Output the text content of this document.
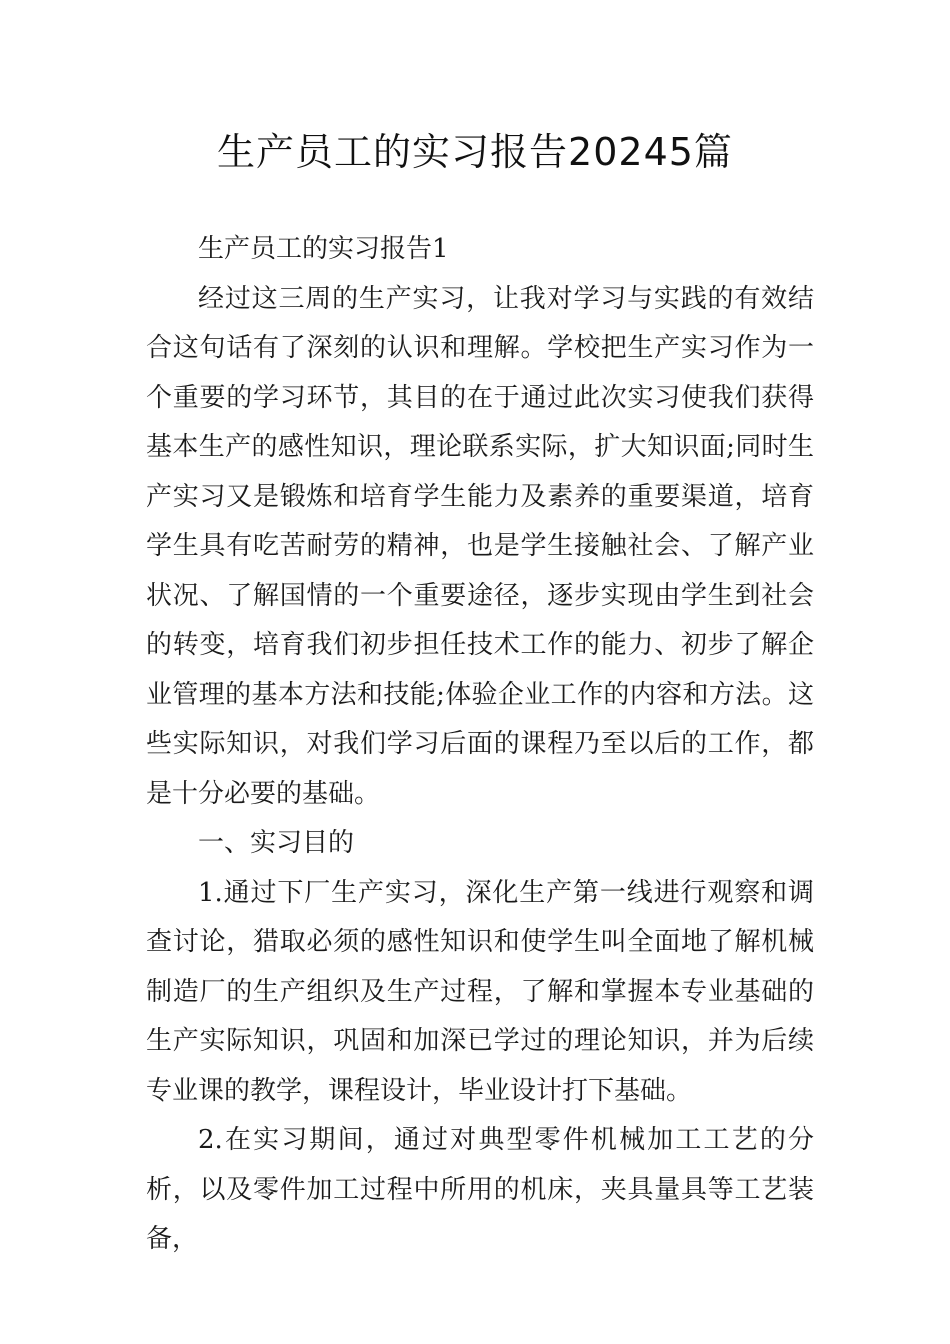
生产员工的实习报告20245篇

生产员工的实习报告1

经过这三周的生产实习，让我对学习与实践的有效结合这句话有了深刻的认识和理解。学校把生产实习作为一个重要的学习环节，其目的在于通过此次实习使我们获得基本生产的感性知识，理论联系实际，扩大知识面;同时生产实习又是锻炼和培育学生能力及素养的重要渠道，培育学生具有吃苦耐劳的精神，也是学生接触社会、了解产业状况、了解国情的一个重要途径，逐步实现由学生到社会的转变，培育我们初步担任技术工作的能力、初步了解企业管理的基本方法和技能;体验企业工作的内容和方法。这些实际知识，对我们学习后面的课程乃至以后的工作，都是十分必要的基础。

一、实习目的

1.通过下厂生产实习，深化生产第一线进行观察和调查讨论，猎取必须的感性知识和使学生叫全面地了解机械制造厂的生产组织及生产过程，了解和掌握本专业基础的生产实际知识，巩固和加深已学过的理论知识，并为后续专业课的教学，课程设计，毕业设计打下基础。

2.在实习期间，通过对典型零件机械加工工艺的分析，以及零件加工过程中所用的机床，夹具量具等工艺装备，
